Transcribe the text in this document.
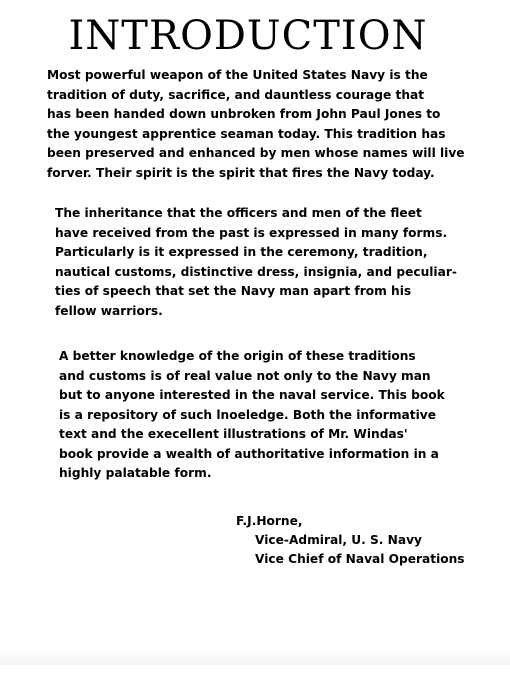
INTRODUCTION
Most powerful weapon of the United States Navy is the
tradition of duty, sacrifice, and dauntless courage that
has been handed down unbroken from John Paul Jones to
the youngest apprentice seaman today. This tradition has
been preserved and enhanced by men whose names will live
forver. Their spirit is the spirit that fires the Navy today.
The inheritance that the officers and men of the fleet
have received from the past is expressed in many forms.
Particularly is it expressed in the ceremony, tradition,
nautical customs, distinctive dress, insignia, and peculiar-
ties of speech that set the Navy man apart from his
fellow warriors.
A better knowledge of the origin of these traditions
and customs is of real value not only to the Navy man
but to anyone interested in the naval service. This book
is a repository of such lnoeledge. Both the informative
text and the execellent illustrations of Mr. Windas'
book provide a wealth of authoritative information in a
highly palatable form.
F.J.Horne,
Vice-Admiral, U. S. Navy
Vice Chief of Naval Operations
